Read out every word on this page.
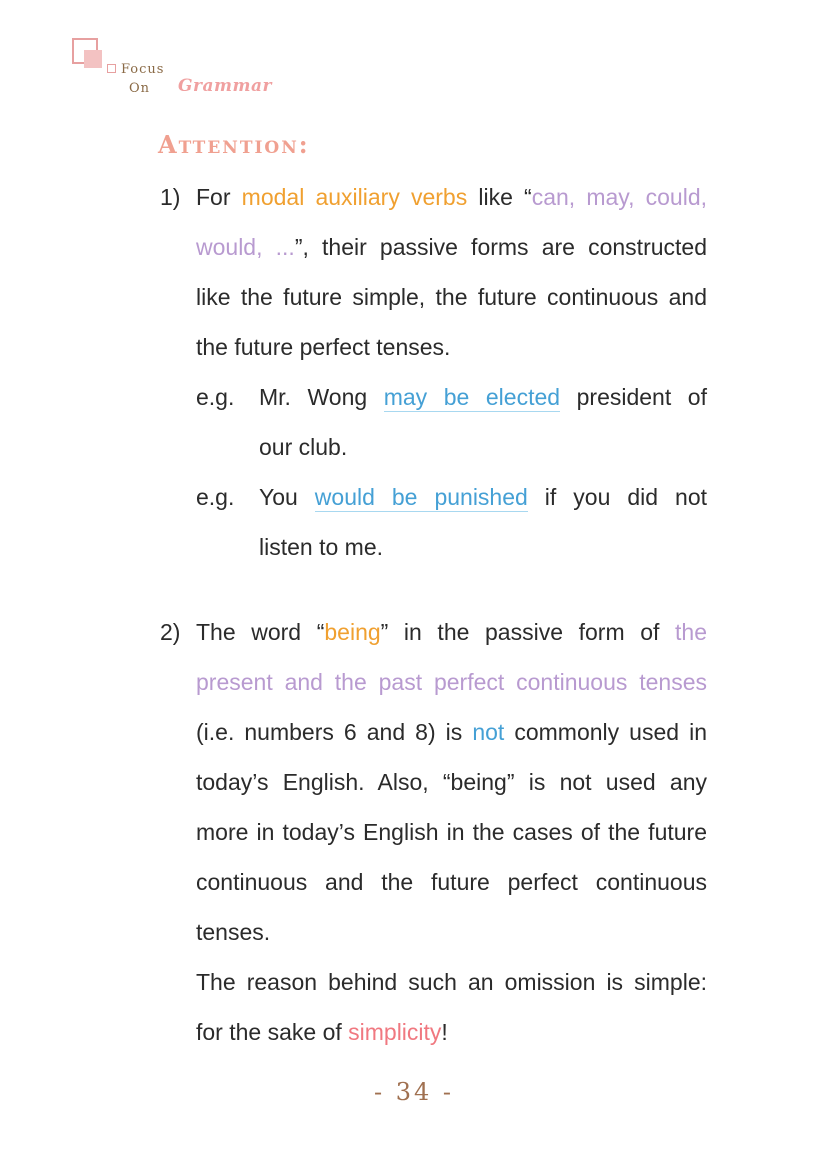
Focus
On Grammar
Attention:
1) For modal auxiliary verbs like “can, may, could,
would, ...”, their passive forms are constructed
like the future simple, the future continuous and
the future perfect tenses.
e.g. Mr. Wong may be elected president of
our club.
e.g. You would be punished if you did not
listen to me.
2) The word “being” in the passive form of the
present and the past perfect continuous tenses
(i.e. numbers 6 and 8) is not commonly used in
today’s English. Also, “being” is not used any
more in today’s English in the cases of the future
continuous and the future perfect continuous
tenses.
The reason behind such an omission is simple:
for the sake of simplicity!
- 34 -
